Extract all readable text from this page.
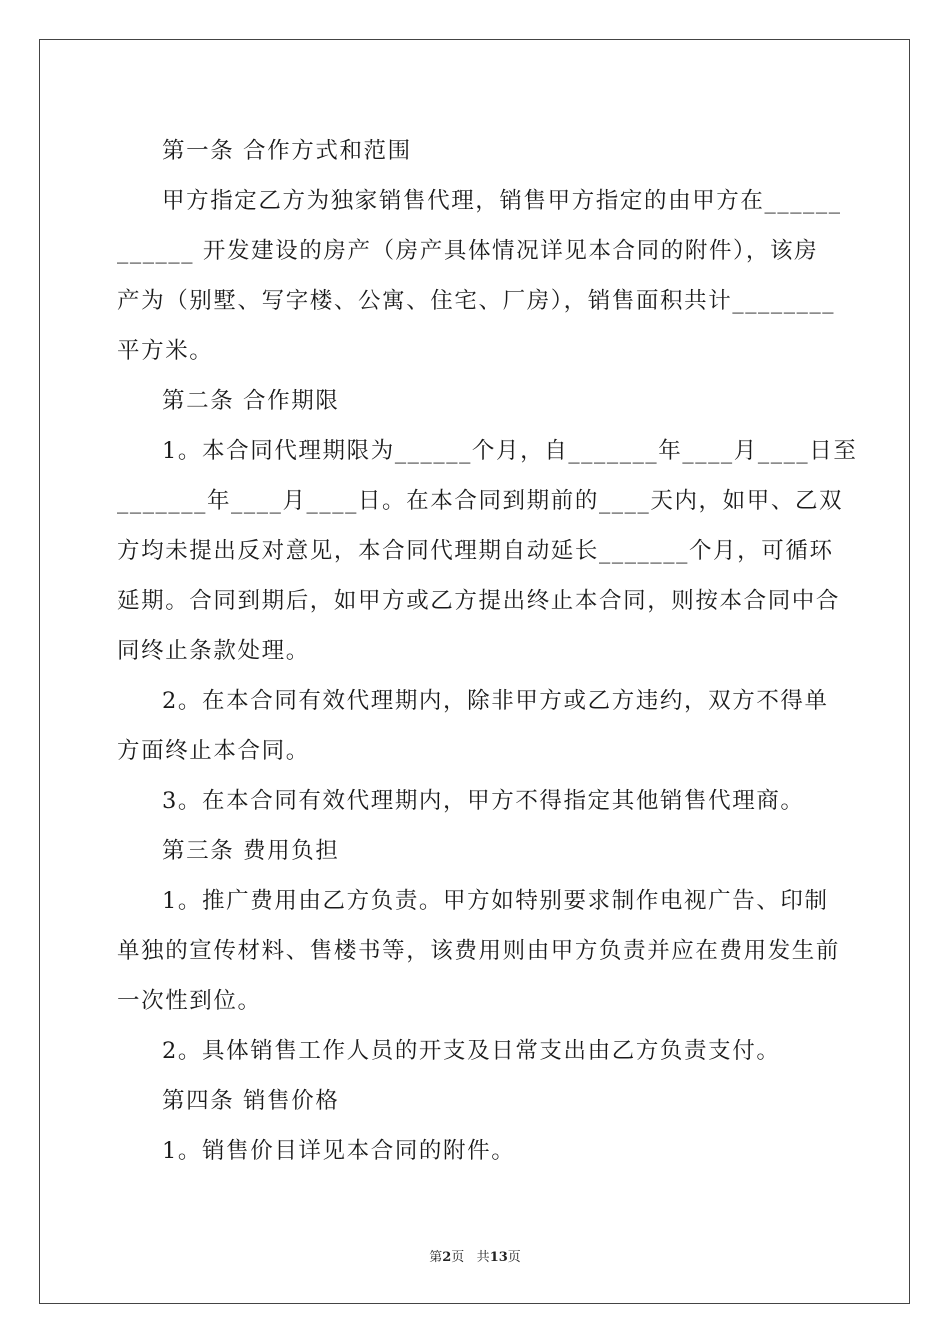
第一条 合作方式和范围
甲方指定乙方为独家销售代理，销售甲方指定的由甲方在______
______ 开发建设的房产（房产具体情况详见本合同的附件），该房
产为（别墅、写字楼、公寓、住宅、厂房），销售面积共计________
平方米。
第二条 合作期限
1。本合同代理期限为______个月，自_______年____月____日至
_______年____月____日。在本合同到期前的____天内，如甲、乙双
方均未提出反对意见，本合同代理期自动延长_______个月，可循环
延期。合同到期后，如甲方或乙方提出终止本合同，则按本合同中合
同终止条款处理。
2。在本合同有效代理期内，除非甲方或乙方违约，双方不得单
方面终止本合同。
3。在本合同有效代理期内，甲方不得指定其他销售代理商。
第三条 费用负担
1。推广费用由乙方负责。甲方如特别要求制作电视广告、印制
单独的宣传材料、售楼书等，该费用则由甲方负责并应在费用发生前
一次性到位。
2。具体销售工作人员的开支及日常支出由乙方负责支付。
第四条 销售价格
1。销售价目详见本合同的附件。
第2页 共13页
